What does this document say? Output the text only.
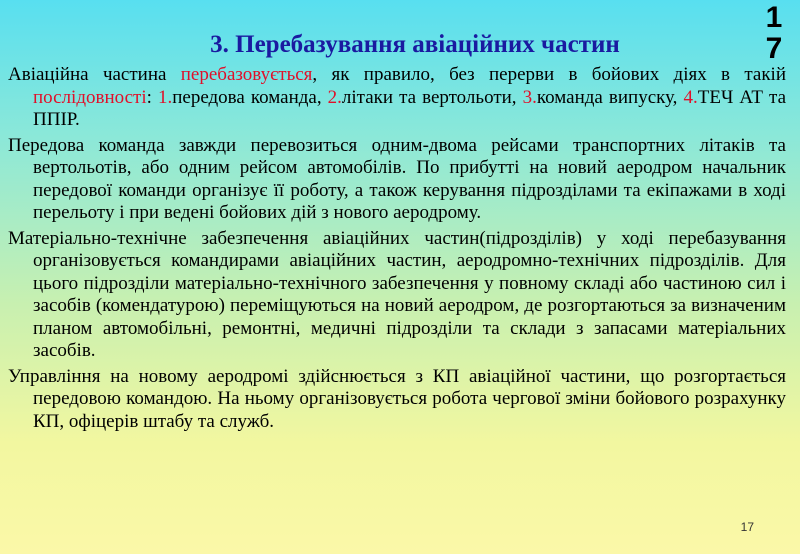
1
7
3. Перебазування авіаційних частин

Авіаційна частина перебазовується, як правило, без перерви в бойових діях в такій послідовності: 1.передова команда, 2.літаки та вертольоти, 3.команда випуску, 4.ТЕЧ АТ та ППІР.

Передова команда завжди перевозиться одним-двома рейсами транспортних літаків та вертольотів, або одним рейсом автомобілів. По прибутті на новий аеродром начальник передової команди організує її роботу, а також керування підрозділами та екіпажами в ході перельоту і при ведені бойових дій з нового аеродрому.

Матеріально-технічне забезпечення авіаційних частин(підрозділів) у ході перебазування організовується командирами авіаційних частин, аеродромно-технічних підрозділів. Для цього підрозділи матеріально-технічного забезпечення у повному складі або частиною сил і засобів (комендатурою) переміщуються на новий аеродром, де розгортаються за визначеним планом автомобільні, ремонтні, медичні підрозділи та склади з запасами матеріальних засобів.

Управління на новому аеродромі здійснюється з КП авіаційної частини, що розгортається передовою командою. На ньому організовується робота чергової зміни бойового розрахунку КП, офіцерів штабу та служб.

17
